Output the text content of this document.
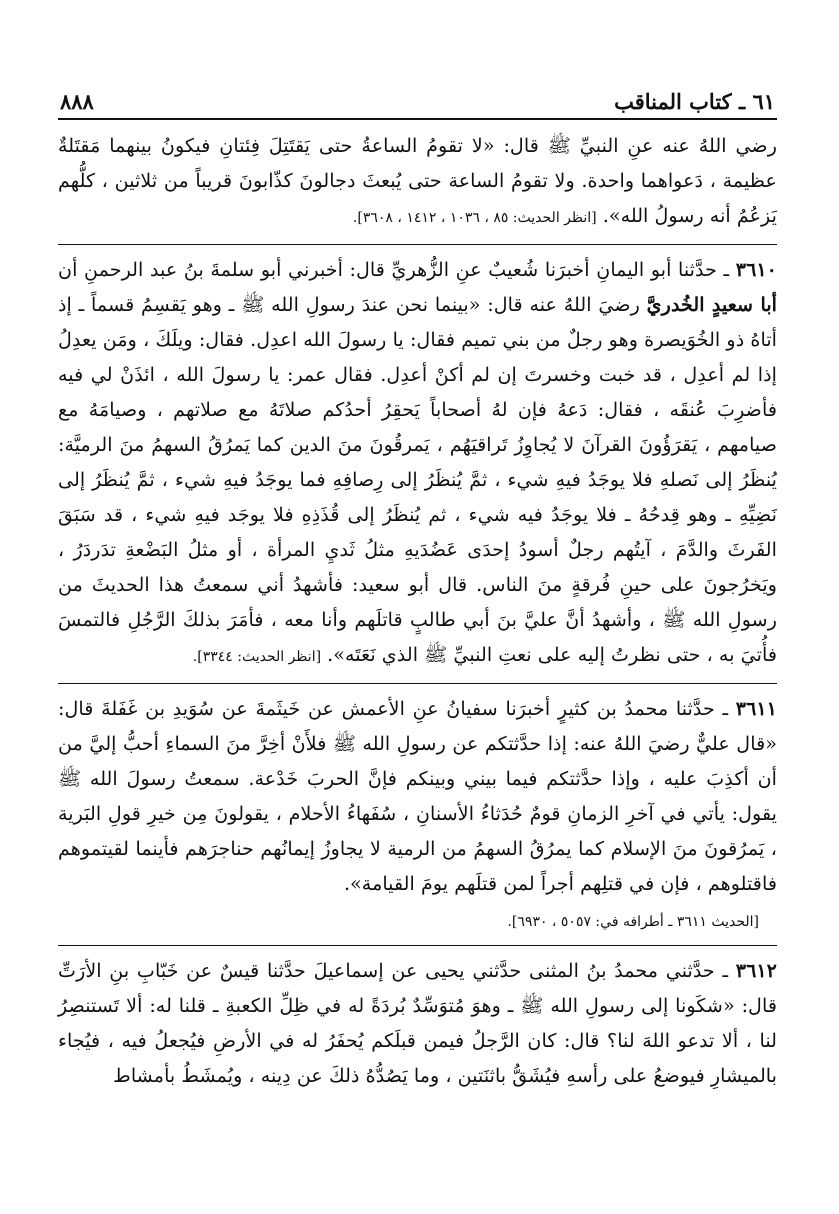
٦١ ـ كتاب المناقب
٨٨٨

رضي اللهُ عنه عنِ النبيِّ ﷺ قال: «لا تقومُ الساعةُ حتى يَقتَتِلَ فِئتانِ فيكونُ بينهما مَقتَلةٌ عظيمة ، دَعواهما واحدة. ولا تقومُ الساعة حتى يُبعثَ دجالونَ كذّابونَ قريباً من ثلاثين ، كلُّهم يَزعُمُ أنه رسولُ الله». [انظر الحديث: ٨٥ ، ١٠٣٦ ، ١٤١٢ ، ٣٦٠٨].

٣٦١٠ ـ حدَّثنا أبو اليمانِ أخبرَنا شُعيبٌ عنِ الزُّهريِّ قال: أخبرني أبو سلمةَ بنُ عبد الرحمنِ أن أبا سعيدٍ الخُدريَّ رضيَ اللهُ عنه قال: «بينما نحن عندَ رسولِ الله ﷺ ـ وهو يَقسِمُ قسماً ـ إذ أتاهُ ذو الخُوَيصرة وهو رجلٌ من بني تميم فقال: يا رسولَ الله اعدِل. فقال: ويلَكَ ، ومَن يعدِلُ إذا لم أعدِل ، قد خبت وخسرتَ إن لم أكنْ أعدِل. فقال عمر: يا رسولَ الله ، ائذَنْ لي فيه فأضرِبَ عُنقَه ، فقال: دَعهُ فإن لهُ أصحاباً يَحقِرُ أحدُكم صلاتَهُ مع صلاتهم ، وصيامَهُ مع صيامهم ، يَقرَؤُونَ القرآنَ لا يُجاوِزُ تَراقيَهُم ، يَمرقُونَ منَ الدين كما يَمرُقُ السهمُ منَ الرميَّة: يُنظَرُ إلى نَصلهِ فلا يوجَدُ فيهِ شيء ، ثمَّ يُنظَرُ إلى رِصافِهِ فما يوجَدُ فيهِ شيء ، ثمَّ يُنظَرُ إلى نَضِيِّهِ ـ وهو قِدحُهُ ـ فلا يوجَدُ فيه شيء ، ثم يُنظَرُ إلى قُذَذِهِ فلا يوجَد فيهِ شيء ، قد سَبَقَ الفَرثَ والدَّمَ ، آيتُهم رجلٌ أسودُ إحدَى عَضُدَيهِ مثلُ ثَديِ المرأة ، أو مثلُ البَضْعةِ تدَردَرُ ، ويَخرُجونَ على حينِ فُرقةٍ منَ الناس. قال أبو سعيد: فأشهدُ أني سمعتُ هذا الحديثَ من رسولِ الله ﷺ ، وأشهدُ أنَّ عليَّ بنَ أبي طالبٍ قاتلَهم وأنا معه ، فأمَرَ بذلكَ الرَّجُلِ فالتمسَ فأُتيَ به ، حتى نظرتُ إليه على نعتِ النبيِّ ﷺ الذي نَعَتَه». [انظر الحديث: ٣٣٤٤].

٣٦١١ ـ حدَّثنا محمدُ بن كثيرٍ أخبرَنا سفيانُ عنِ الأعمش عن خَيثَمةَ عن سُوَيدِ بن غَفَلةَ قال: «قال عليٌّ رضيَ اللهُ عنه: إذا حدَّثتكم عن رسولِ الله ﷺ فلأَنْ أخِرَّ منَ السماءِ أحبُّ إليَّ من أن أكذِبَ عليه ، وإذا حدَّثتكم فيما بيني وبينكم فإنَّ الحربَ خَدْعة. سمعتُ رسولَ الله ﷺ يقول: يأتي في آخرِ الزمانِ قومٌ حُدَثاءُ الأسنانِ ، سُفَهاءُ الأحلام ، يقولونَ مِن خيرِ قولِ البَرية ، يَمرُقونَ منَ الإسلام كما يمرُقُ السهمُ من الرمية لا يجاوزُ إيمانُهم حناجرَهم فأينما لقيتموهم فاقتلوهم ، فإن في قتلِهم أجراً لمن قتلَهم يومَ القيامة».

[الحديث ٣٦١١ ـ أطرافه في: ٥٠٥٧ ، ٦٩٣٠].

٣٦١٢ ـ حدَّثني محمدُ بنُ المثنى حدَّثني يحيى عن إسماعيلَ حدَّثنا قيسٌ عن خَبّابِ بنِ الأرَتِّ قال: «شكَونا إلى رسولِ الله ﷺ ـ وهوَ مُتوَسِّدٌ بُردَةً له في ظِلِّ الكعبةِ ـ قلنا له: ألا تَستنصِرُ لنا ، ألا تدعو اللهَ لنا؟ قال: كان الرَّجلُ فيمن قبلَكم يُحفَرُ له في الأرضِ فيُجعلُ فيه ، فيُجاء بالميشارِ فيوضعُ على رأسهِ فيُشَقُّ باثنَتين ، وما يَصُدُّهُ ذلكَ عن دِينه ، ويُمشَطُ بأمشاط
